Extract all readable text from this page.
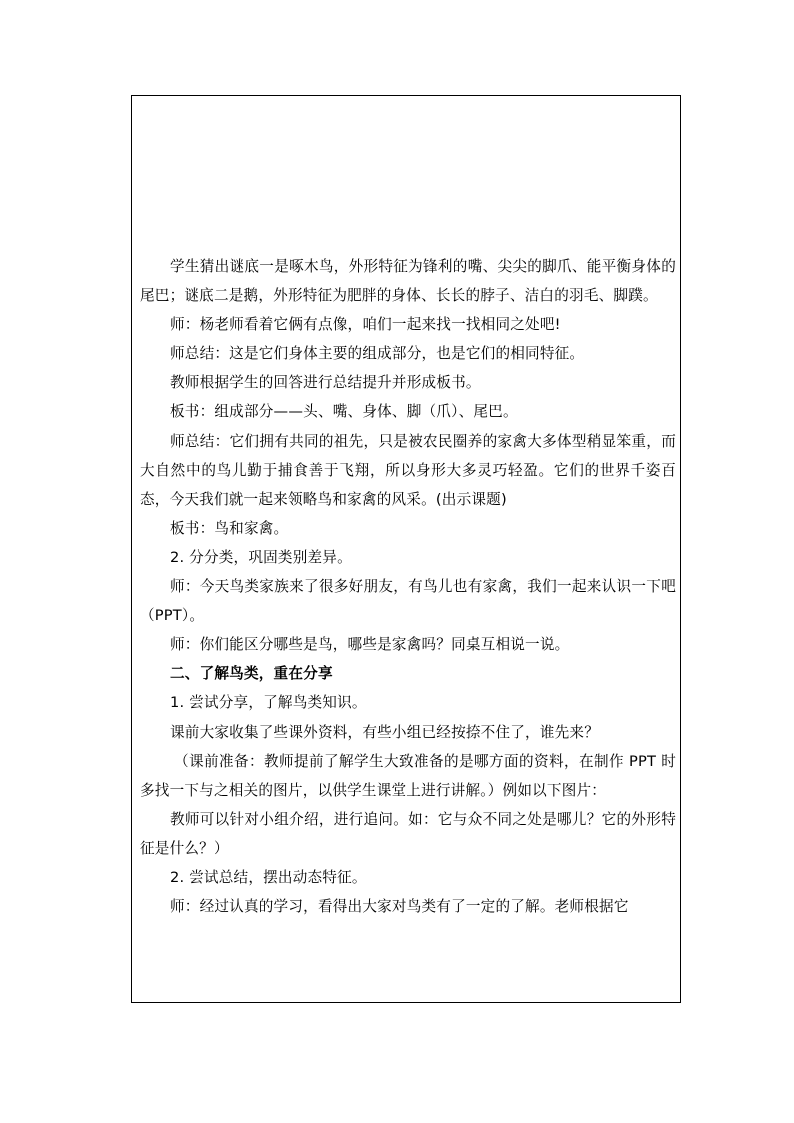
学生猜出谜底一是啄木鸟，外形特征为锋利的嘴、尖尖的脚爪、能平衡身体的尾巴；谜底二是鹅，外形特征为肥胖的身体、长长的脖子、洁白的羽毛、脚蹼。

师：杨老师看着它俩有点像，咱们一起来找一找相同之处吧!

师总结：这是它们身体主要的组成部分，也是它们的相同特征。

教师根据学生的回答进行总结提升并形成板书。

板书：组成部分——头、嘴、身体、脚（爪）、尾巴。

师总结：它们拥有共同的祖先，只是被农民圈养的家禽大多体型稍显笨重，而大自然中的鸟儿勤于捕食善于飞翔，所以身形大多灵巧轻盈。它们的世界千姿百态，今天我们就一起来领略鸟和家禽的风采。(出示课题)

板书：鸟和家禽。

2. 分分类，巩固类别差异。

师：今天鸟类家族来了很多好朋友，有鸟儿也有家禽，我们一起来认识一下吧（PPT）。

师：你们能区分哪些是鸟，哪些是家禽吗？同桌互相说一说。

二、了解鸟类，重在分享

1. 尝试分享，了解鸟类知识。

课前大家收集了些课外资料，有些小组已经按捺不住了，谁先来？

（课前准备：教师提前了解学生大致准备的是哪方面的资料，在制作 PPT 时多找一下与之相关的图片，以供学生课堂上进行讲解。）例如以下图片：

教师可以针对小组介绍，进行追问。如：它与众不同之处是哪儿？它的外形特征是什么？）

2. 尝试总结，摆出动态特征。

师：经过认真的学习，看得出大家对鸟类有了一定的了解。老师根据它
